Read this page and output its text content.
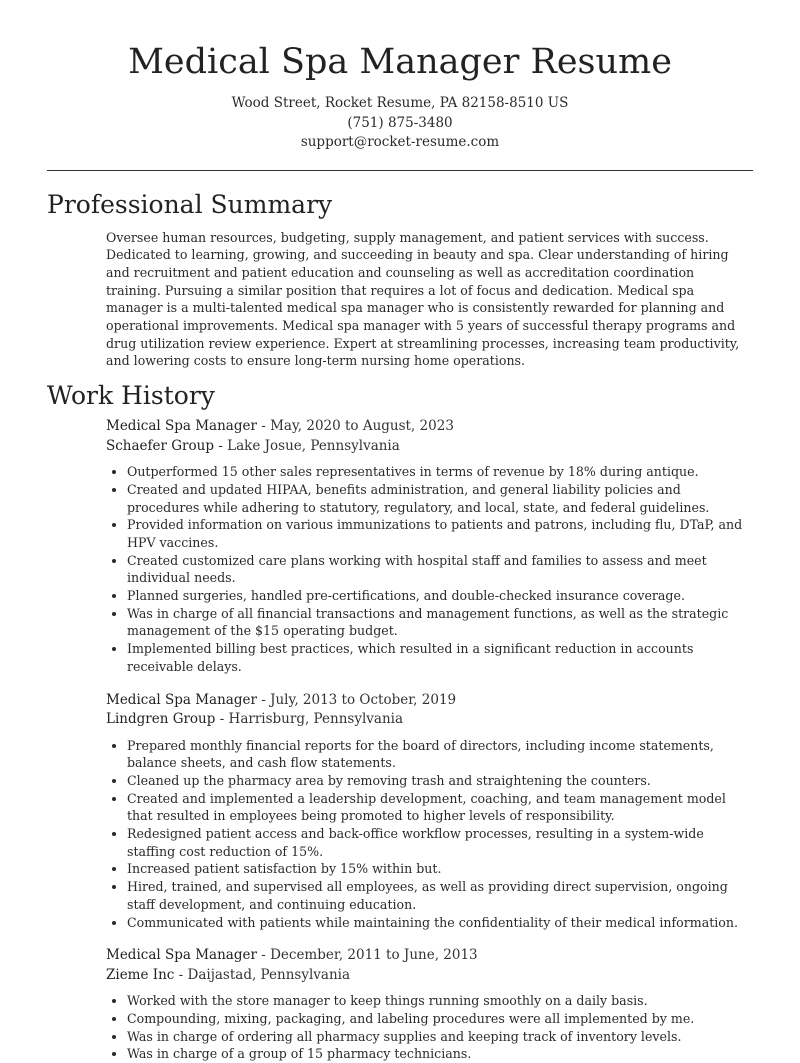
Medical Spa Manager Resume
Wood Street, Rocket Resume, PA 82158-8510 US
(751) 875-3480
support@rocket-resume.com
Professional Summary

Oversee human resources, budgeting, supply management, and patient services with success. Dedicated to learning, growing, and succeeding in beauty and spa. Clear understanding of hiring and recruitment and patient education and counseling as well as accreditation coordination training. Pursuing a similar position that requires a lot of focus and dedication. Medical spa manager is a multi-talented medical spa manager who is consistently rewarded for planning and operational improvements. Medical spa manager with 5 years of successful therapy programs and drug utilization review experience. Expert at streamlining processes, increasing team productivity, and lowering costs to ensure long-term nursing home operations.

Work History
Medical Spa Manager - May, 2020 to August, 2023
Schaefer Group - Lake Josue, Pennsylvania
• Outperformed 15 other sales representatives in terms of revenue by 18% during antique.
• Created and updated HIPAA, benefits administration, and general liability policies and procedures while adhering to statutory, regulatory, and local, state, and federal guidelines.
• Provided information on various immunizations to patients and patrons, including flu, DTaP, and HPV vaccines.
• Created customized care plans working with hospital staff and families to assess and meet individual needs.
• Planned surgeries, handled pre-certifications, and double-checked insurance coverage.
• Was in charge of all financial transactions and management functions, as well as the strategic management of the $15 operating budget.
• Implemented billing best practices, which resulted in a significant reduction in accounts receivable delays.
Medical Spa Manager - July, 2013 to October, 2019
Lindgren Group - Harrisburg, Pennsylvania
• Prepared monthly financial reports for the board of directors, including income statements, balance sheets, and cash flow statements.
• Cleaned up the pharmacy area by removing trash and straightening the counters.
• Created and implemented a leadership development, coaching, and team management model that resulted in employees being promoted to higher levels of responsibility.
• Redesigned patient access and back-office workflow processes, resulting in a system-wide staffing cost reduction of 15%.
• Increased patient satisfaction by 15% within but.
• Hired, trained, and supervised all employees, as well as providing direct supervision, ongoing staff development, and continuing education.
• Communicated with patients while maintaining the confidentiality of their medical information.
Medical Spa Manager - December, 2011 to June, 2013
Zieme Inc - Daijastad, Pennsylvania
• Worked with the store manager to keep things running smoothly on a daily basis.
• Compounding, mixing, packaging, and labeling procedures were all implemented by me.
• Was in charge of ordering all pharmacy supplies and keeping track of inventory levels.
• Was in charge of a group of 15 pharmacy technicians.
